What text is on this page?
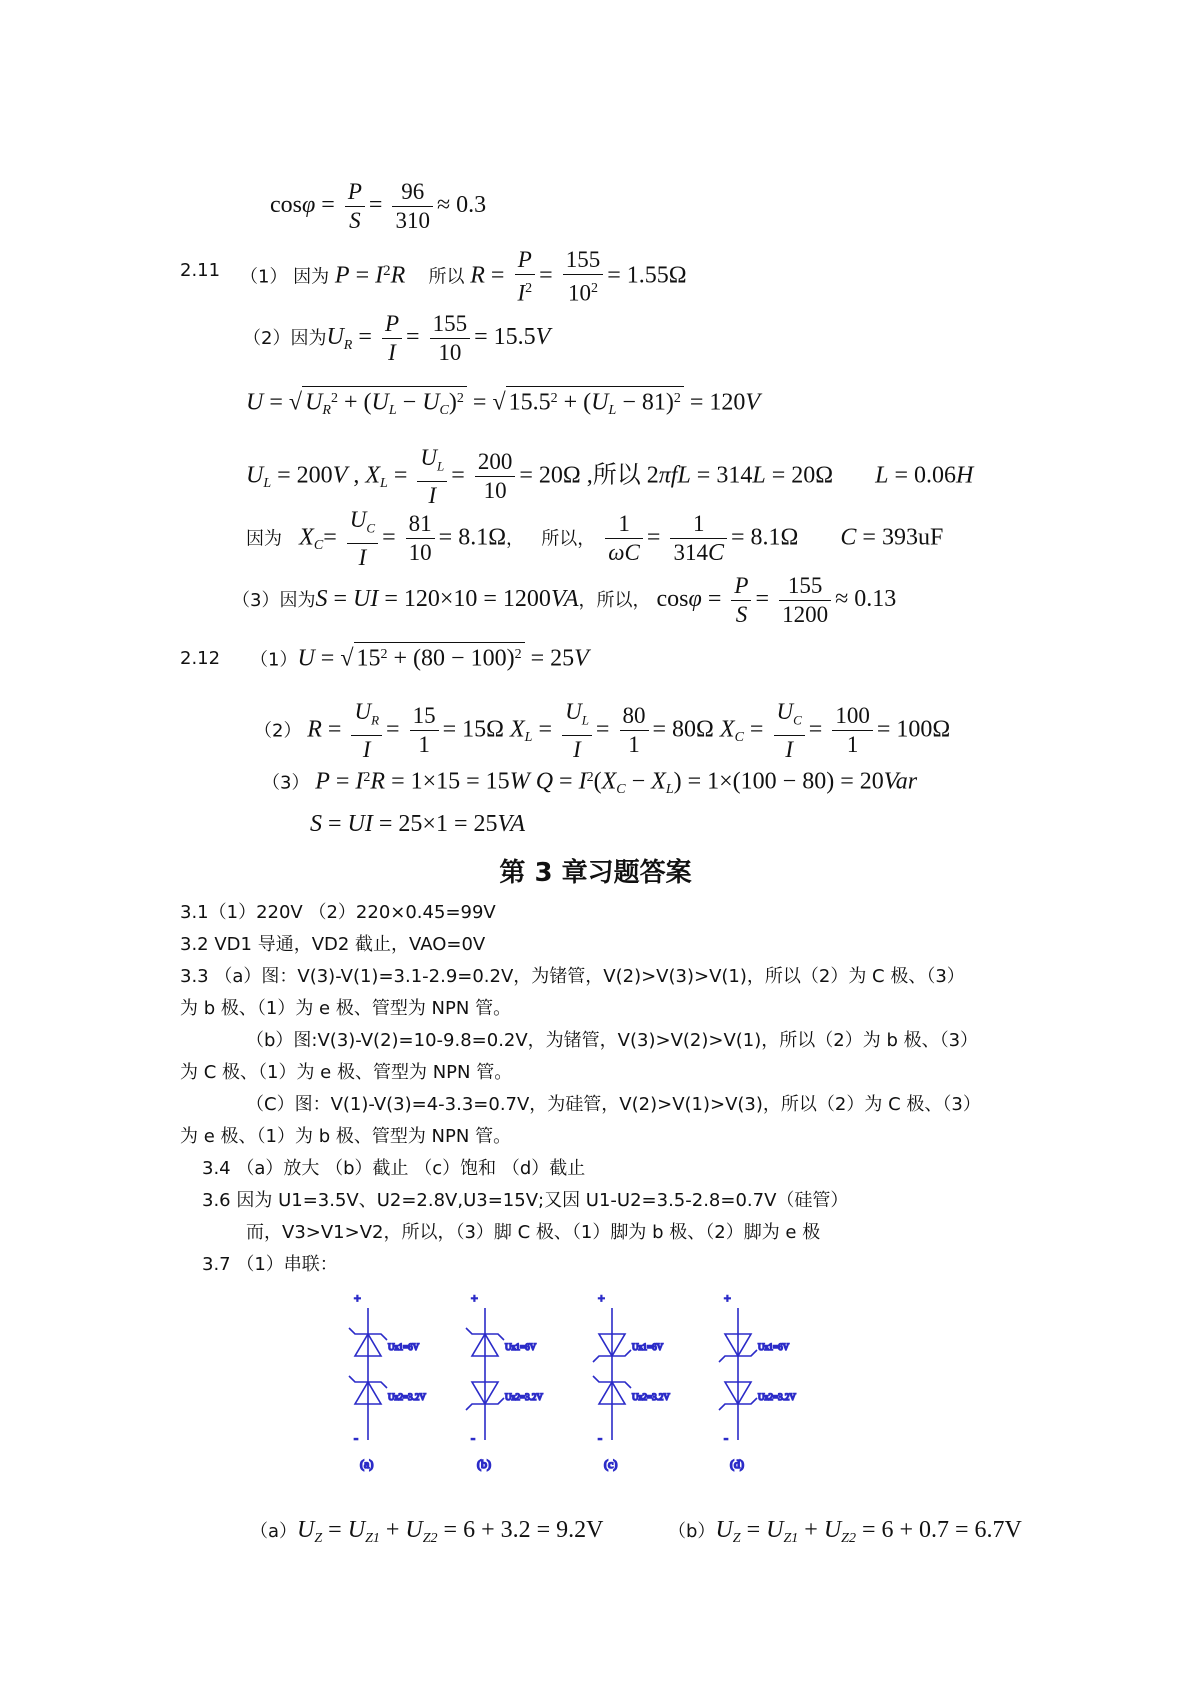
$\cos\varphi = \frac{P}{S} = \frac{96}{310} \approx 0.3$
2.11 （1） 因为 $P = I^2R$    所以 $R = \frac{P}{I^2} = \frac{155}{10^2} = 1.55\Omega$
（2）因为$U_R = \frac{P}{I} = \frac{155}{10} = 15.5V$
U = √ $U_R^2 + (U_L - U_C)^2$ = √ $15.5^2 + (U_L - 81)^2 = 120V$
$U_L = 200V$ , $X_L = \frac{U_L}{I} = \frac{200}{10} = 20\Omega$ ,所以 2πfL = 314L = 20Ω L = 0.06H
因为   $X_C= \frac{U_C}{I} = \frac{81}{10} = 8.1\Omega$，   所以， $\frac{1}{\omega C} = \frac{1}{314C} = 8.1\Omega$ C = 393uF
（3）因为S = UI = 120×10 = 1200VA，所以， $\cos\varphi = \frac{P}{S} = \frac{155}{1200} \approx 0.13$
2.12 （1）U = √ $15^2 + (80 - 100)^2 = 25V$
（2） $R = \frac{U_R}{I} = \frac{15}{1} = 15\Omega$ $X_L = \frac{U_L}{I} = \frac{80}{1} = 80\Omega$ $X_C = \frac{U_C}{I} = \frac{100}{1} = 100\Omega$
（3） $P = I^2R = 1\times 15 = 15W$ $Q = I^2(X_C - X_L) = 1\times(100 - 80) = 20Var$
S = UI = 25×1 = 25VA
第 3 章习题答案
3.1（1）220V （2）220×0.45=99V
3.2 VD1 导通，VD2 截止，VAO=0V
3.3 （a）图：V(3)-V(1)=3.1-2.9=0.2V，为锗管，V(2)>V(3)>V(1)，所以（2）为 C 极、（3）
为 b 极、（1）为 e 极、管型为 NPN 管。
（b）图:V(3)-V(2)=10-9.8=0.2V，为锗管，V(3)>V(2)>V(1)，所以（2）为 b 极、（3）
为 C 极、（1）为 e 极、管型为 NPN 管。
（C）图：V(1)-V(3)=4-3.3=0.7V，为硅管，V(2)>V(1)>V(3)，所以（2）为 C 极、（3）
为 e 极、（1）为 b 极、管型为 NPN 管。
3.4 （a）放大 （b）截止 （c）饱和 （d）截止
3.6 因为 U1=3.5V、U2=2.8V,U3=15V;又因 U1-U2=3.5-2.8=0.7V（硅管）
而，V3>V1>V2，所以，（3）脚 C 极、（1）脚为 b 极、（2）脚为 e 极
3.7 （1）串联：
+
-
Uz1=6V
Uz2=3.2V
(a)
+
-
Uz1=6V
Uz2=3.2V
(b)
+
-
Uz1=6V
Uz2=3.2V
(c)
+
-
Uz1=6V
Uz2=3.2V
(d)
$(a)U_Z = U_{Z1} + U_{Z2} = 6 + 3.2 = 9.2V$	$(b)U_Z = U_{Z1} + U_{Z2} = 6 + 0.7 = 6.7V$
